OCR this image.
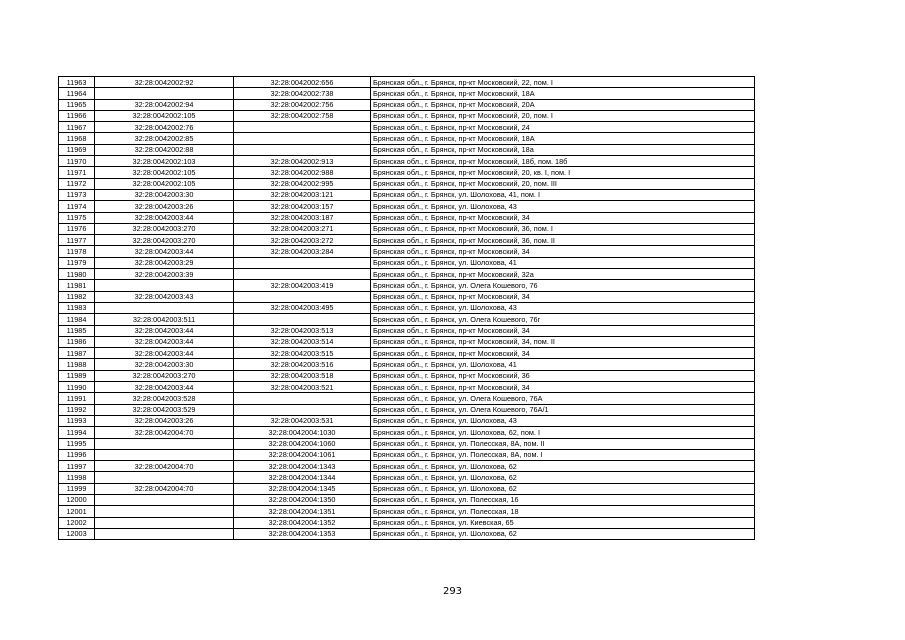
11963	32:28:0042002:92	32:28:0042002:656	Брянская обл., г. Брянск, пр-кт Московский, 22, пом. I
11964		32:28:0042002:738	Брянская обл., г. Брянск, пр-кт Московский, 18А
11965	32:28:0042002:94	32:28:0042002:756	Брянская обл., г. Брянск, пр-кт Московский, 20А
11966	32:28:0042002:105	32:28:0042002:758	Брянская обл., г. Брянск, пр-кт Московский, 20, пом. I
11967	32:28:0042002:76		Брянская обл., г. Брянск, пр-кт Московский, 24
11968	32:28:0042002:85		Брянская обл., г. Брянск, пр-кт Московский, 18А
11969	32:28:0042002:88		Брянская обл., г. Брянск, пр-кт Московский, 18а
11970	32:28:0042002:103	32:28:0042002:913	Брянская обл., г. Брянск, пр-кт Московский, 18б, пом. 18б
11971	32:28:0042002:105	32:28:0042002:988	Брянская обл., г. Брянск, пр-кт Московский, 20, кв. I, пом. I
11972	32:28:0042002:105	32:28:0042002:995	Брянская обл., г. Брянск, пр-кт Московский, 20, пом. III
11973	32:28:0042003:30	32:28:0042003:121	Брянская обл., г. Брянск, ул. Шолохова, 41, пом. I
11974	32:28:0042003:26	32:28:0042003:157	Брянская обл., г. Брянск, ул. Шолохова, 43
11975	32:28:0042003:44	32:28:0042003:187	Брянская обл., г. Брянск, пр-кт Московский, 34
11976	32:28:0042003:270	32:28:0042003:271	Брянская обл., г. Брянск, пр-кт Московский, 36, пом. I
11977	32:28:0042003:270	32:28:0042003:272	Брянская обл., г. Брянск, пр-кт Московский, 36, пом. II
11978	32:28:0042003:44	32:28:0042003:284	Брянская обл., г. Брянск, пр-кт Московский, 34
11979	32:28:0042003:29		Брянская обл., г. Брянск, ул. Шолохова, 41
11980	32:28:0042003:39		Брянская обл., г. Брянск, пр-кт Московский, 32а
11981		32:28:0042003:419	Брянская обл., г. Брянск, ул. Олега Кошевого, 76
11982	32:28:0042003:43		Брянская обл., г. Брянск, пр-кт Московский, 34
11983		32:28:0042003:495	Брянская обл., г. Брянск, ул. Шолохова, 43
11984	32:28:0042003:511		Брянская обл., г. Брянск, ул. Олега Кошевого, 76г
11985	32:28:0042003:44	32:28:0042003:513	Брянская обл., г. Брянск, пр-кт Московский, 34
11986	32:28:0042003:44	32:28:0042003:514	Брянская обл., г. Брянск, пр-кт Московский, 34, пом. II
11987	32:28:0042003:44	32:28:0042003:515	Брянская обл., г. Брянск, пр-кт Московский, 34
11988	32:28:0042003:30	32:28:0042003:516	Брянская обл., г. Брянск, ул. Шолохова, 41
11989	32:28:0042003:270	32:28:0042003:518	Брянская обл., г. Брянск, пр-кт Московский, 36
11990	32:28:0042003:44	32:28:0042003:521	Брянская обл., г. Брянск, пр-кт Московский, 34
11991	32:28:0042003:528		Брянская обл., г. Брянск, ул. Олега Кошевого, 76А
11992	32:28:0042003:529		Брянская обл., г. Брянск, ул. Олега Кошевого, 76А/1
11993	32:28:0042003:26	32:28:0042003:531	Брянская обл., г. Брянск, ул. Шолохова, 43
11994	32:28:0042004:70	32:28:0042004:1030	Брянская обл., г. Брянск, ул. Шолохова, 62, пом. I
11995		32:28:0042004:1060	Брянская обл., г. Брянск, ул. Полесская, 8А, пом. II
11996		32:28:0042004:1061	Брянская обл., г. Брянск, ул. Полесская, 8А, пом. I
11997	32:28:0042004:70	32:28:0042004:1343	Брянская обл., г. Брянск, ул. Шолохова, 62
11998		32:28:0042004:1344	Брянская обл., г. Брянск, ул. Шолохова, 62
11999	32:28:0042004:70	32:28:0042004:1345	Брянская обл., г. Брянск, ул. Шолохова, 62
12000		32:28:0042004:1350	Брянская обл., г. Брянск, ул. Полесская, 16
12001		32:28:0042004:1351	Брянская обл., г. Брянск, ул. Полесская, 18
12002		32:28:0042004:1352	Брянская обл., г. Брянск, ул. Киевская, 65
12003		32:28:0042004:1353	Брянская обл., г. Брянск, ул. Шолохова, 62
293
